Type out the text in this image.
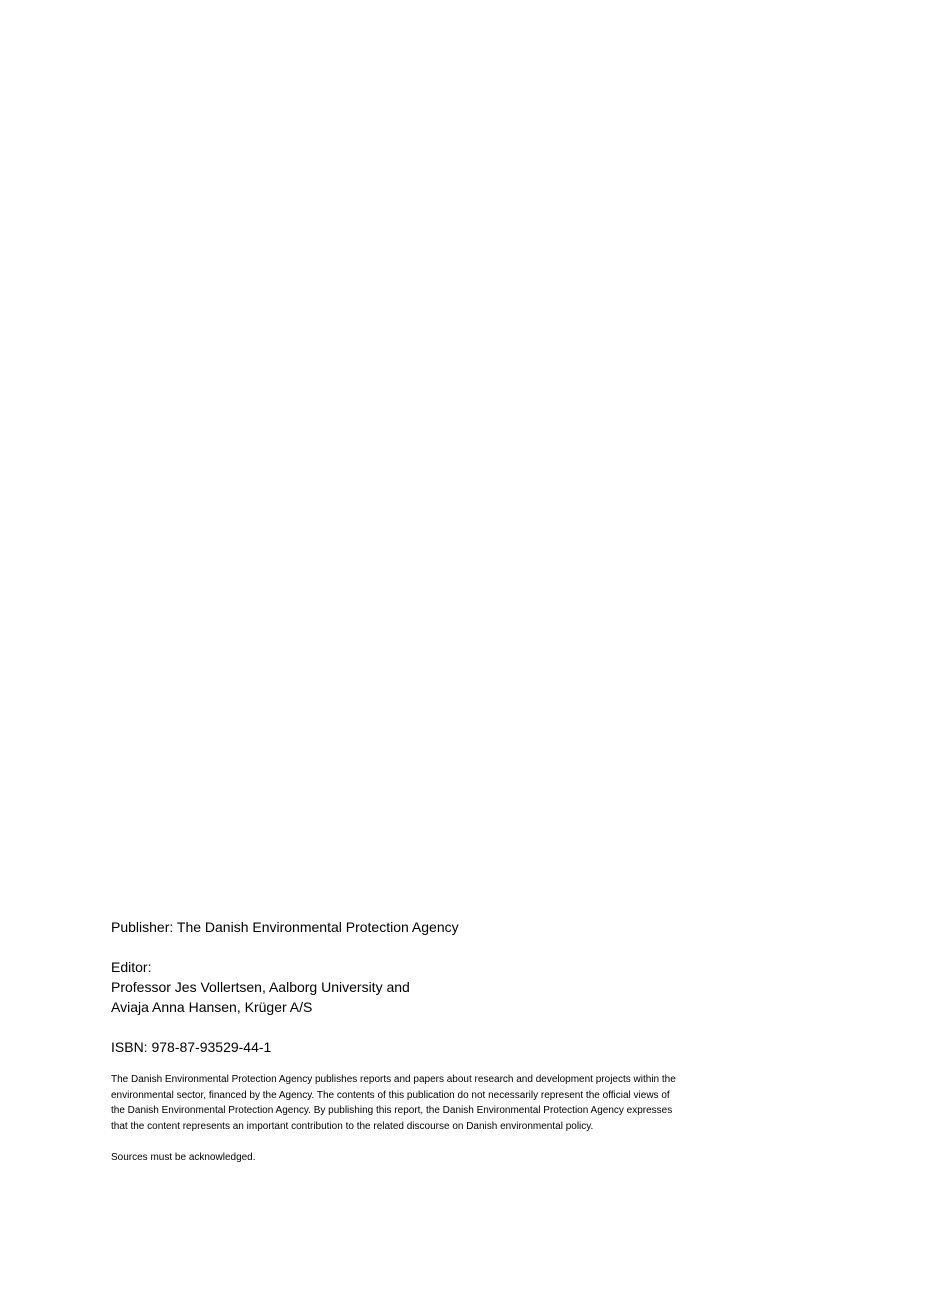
Publisher: The Danish Environmental Protection Agency
Editor:
Professor Jes Vollertsen, Aalborg University and
Aviaja Anna Hansen, Krüger A/S
ISBN: 978-87-93529-44-1

The Danish Environmental Protection Agency publishes reports and papers about research and development projects within the environmental sector, financed by the Agency. The contents of this publication do not necessarily represent the official views of the Danish Environmental Protection Agency. By publishing this report, the Danish Environmental Protection Agency expresses that the content represents an important contribution to the related discourse on Danish environmental policy.

Sources must be acknowledged.
